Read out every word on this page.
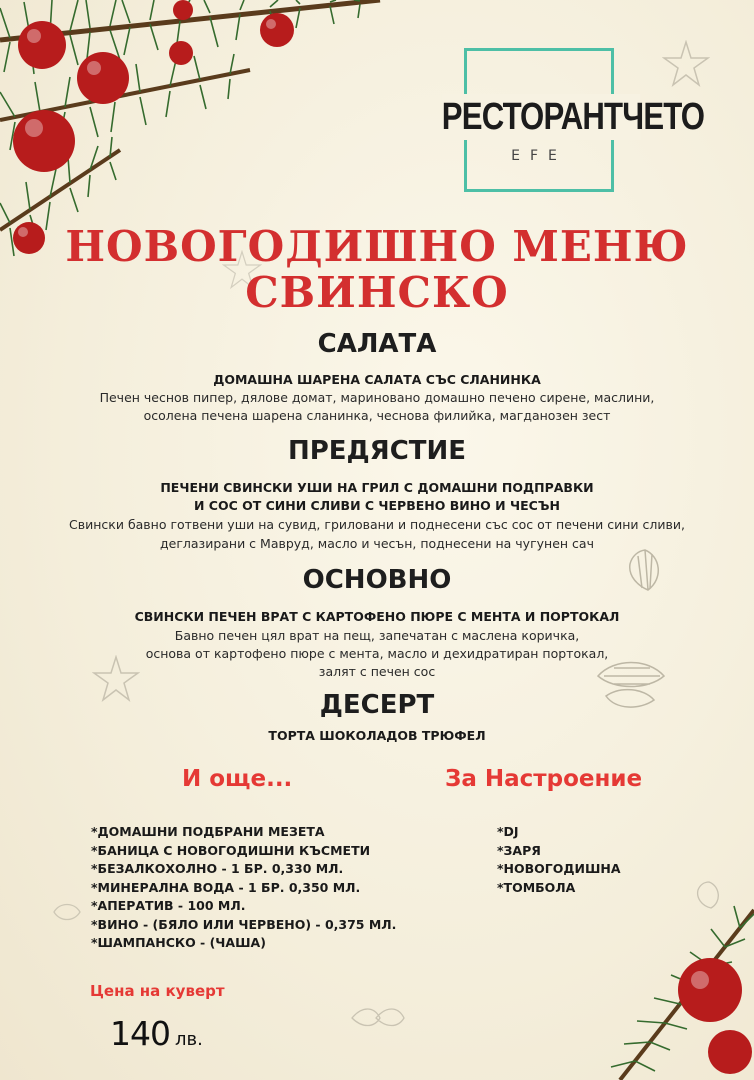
РЕСТОРАНТЧЕТО
EFE
НОВОГОДИШНО МЕНЮ
СВИНСКО
САЛАТА
ДОМАШНА ШАРЕНА САЛАТА СЪС СЛАНИНКА
Печен чеснов пипер, дялове домат, мариновано домашно печено сирене, маслини,
осолена печена шарена сланинка, чеснова филийка, магданозен зест
ПРЕДЯСТИЕ
ПЕЧЕНИ СВИНСКИ УШИ НА ГРИЛ С ДОМАШНИ ПОДПРАВКИ
И СОС ОТ СИНИ СЛИВИ С ЧЕРВЕНО ВИНО И ЧЕСЪН
Свински бавно готвени уши на сувид, гриловани и поднесени със сос от печени сини сливи,
деглазирани с Мавруд, масло и чесън, поднесени на чугунен сач
ОСНОВНО
СВИНСКИ ПЕЧЕН ВРАТ С КАРТОФЕНО ПЮРЕ С МЕНТА И ПОРТОКАЛ
Бавно печен цял врат на пещ, запечатан с маслена коричка,
основа от картофено пюре с мента, масло и дехидратиран портокал,
залят с печен сос
ДЕСЕРТ
ТОРТА ШОКОЛАДОВ ТРЮФЕЛ
И още...
*ДОМАШНИ ПОДБРАНИ МЕЗЕТА
*БАНИЦА С НОВОГОДИШНИ КЪСМЕТИ
*БЕЗАЛКОХОЛНО - 1 БР. 0,330 МЛ.
*МИНЕРАЛНА ВОДА - 1 БР. 0,350 МЛ.
*АПЕРАТИВ - 100 МЛ.
*ВИНО - (БЯЛО ИЛИ ЧЕРВЕНО) - 0,375 МЛ.
*ШАМПАНСКО - (ЧАША)
За Настроение
*DJ
*ЗАРЯ
*НОВОГОДИШНА
*ТОМБОЛА
Цена на куверт
140 лв.
